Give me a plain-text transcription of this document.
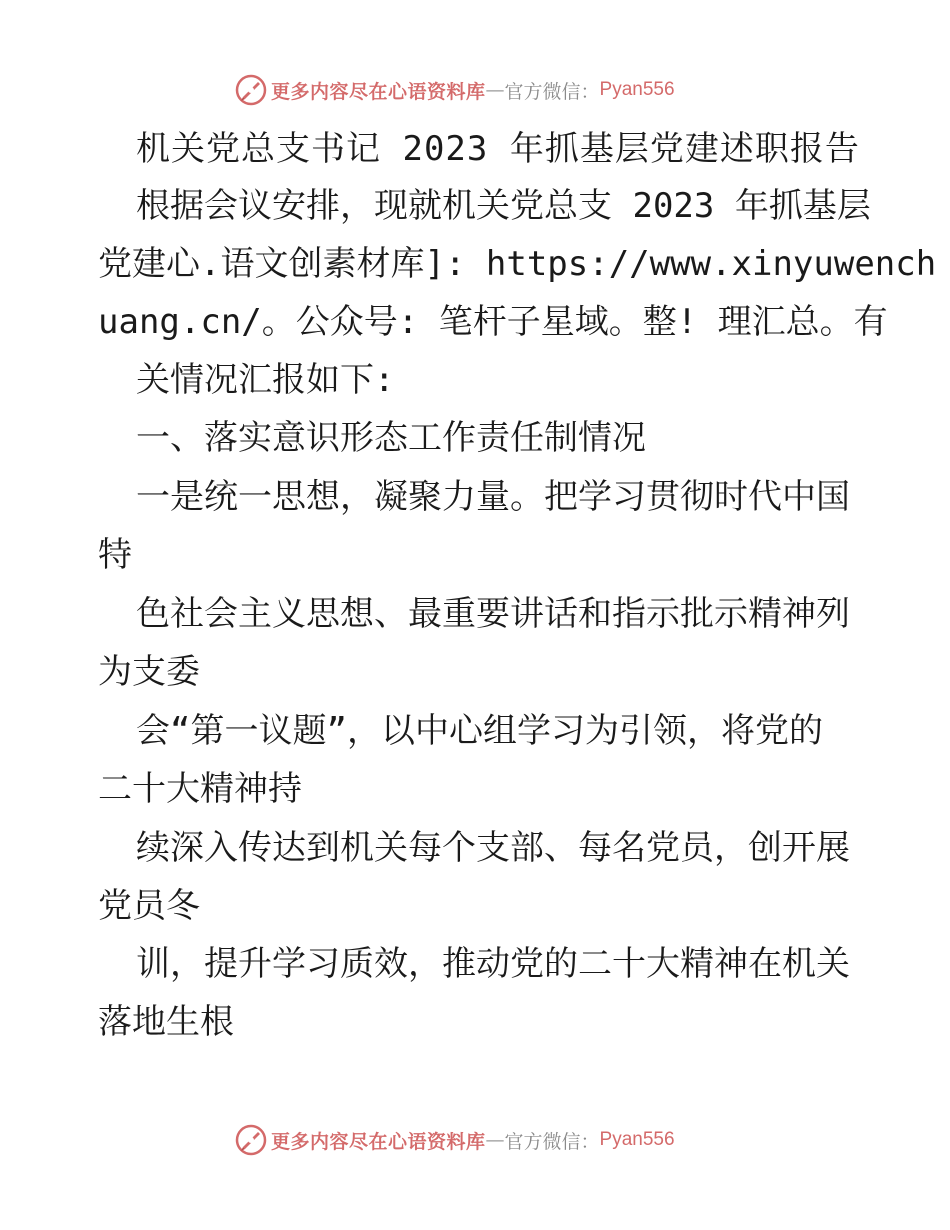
更多内容尽在心语资料库 — 官方微信： Pyan556
机关党总支书记 2023 年抓基层党建述职报告
根据会议安排，现就机关党总支 2023 年抓基层
党建心.语文创素材库]: https://www.xinyuwench
uang.cn/。公众号: 笔杆子星域。整! 理汇总。有
关情况汇报如下:
一、落实意识形态工作责任制情况
一是统一思想，凝聚力量。把学习贯彻时代中国
特
色社会主义思想、最重要讲话和指示批示精神列
为支委
会“第一议题”，以中心组学习为引领，将党的
二十大精神持
续深入传达到机关每个支部、每名党员，创开展
党员冬
训，提升学习质效，推动党的二十大精神在机关
落地生根
更多内容尽在心语资料库 — 官方微信： Pyan556
